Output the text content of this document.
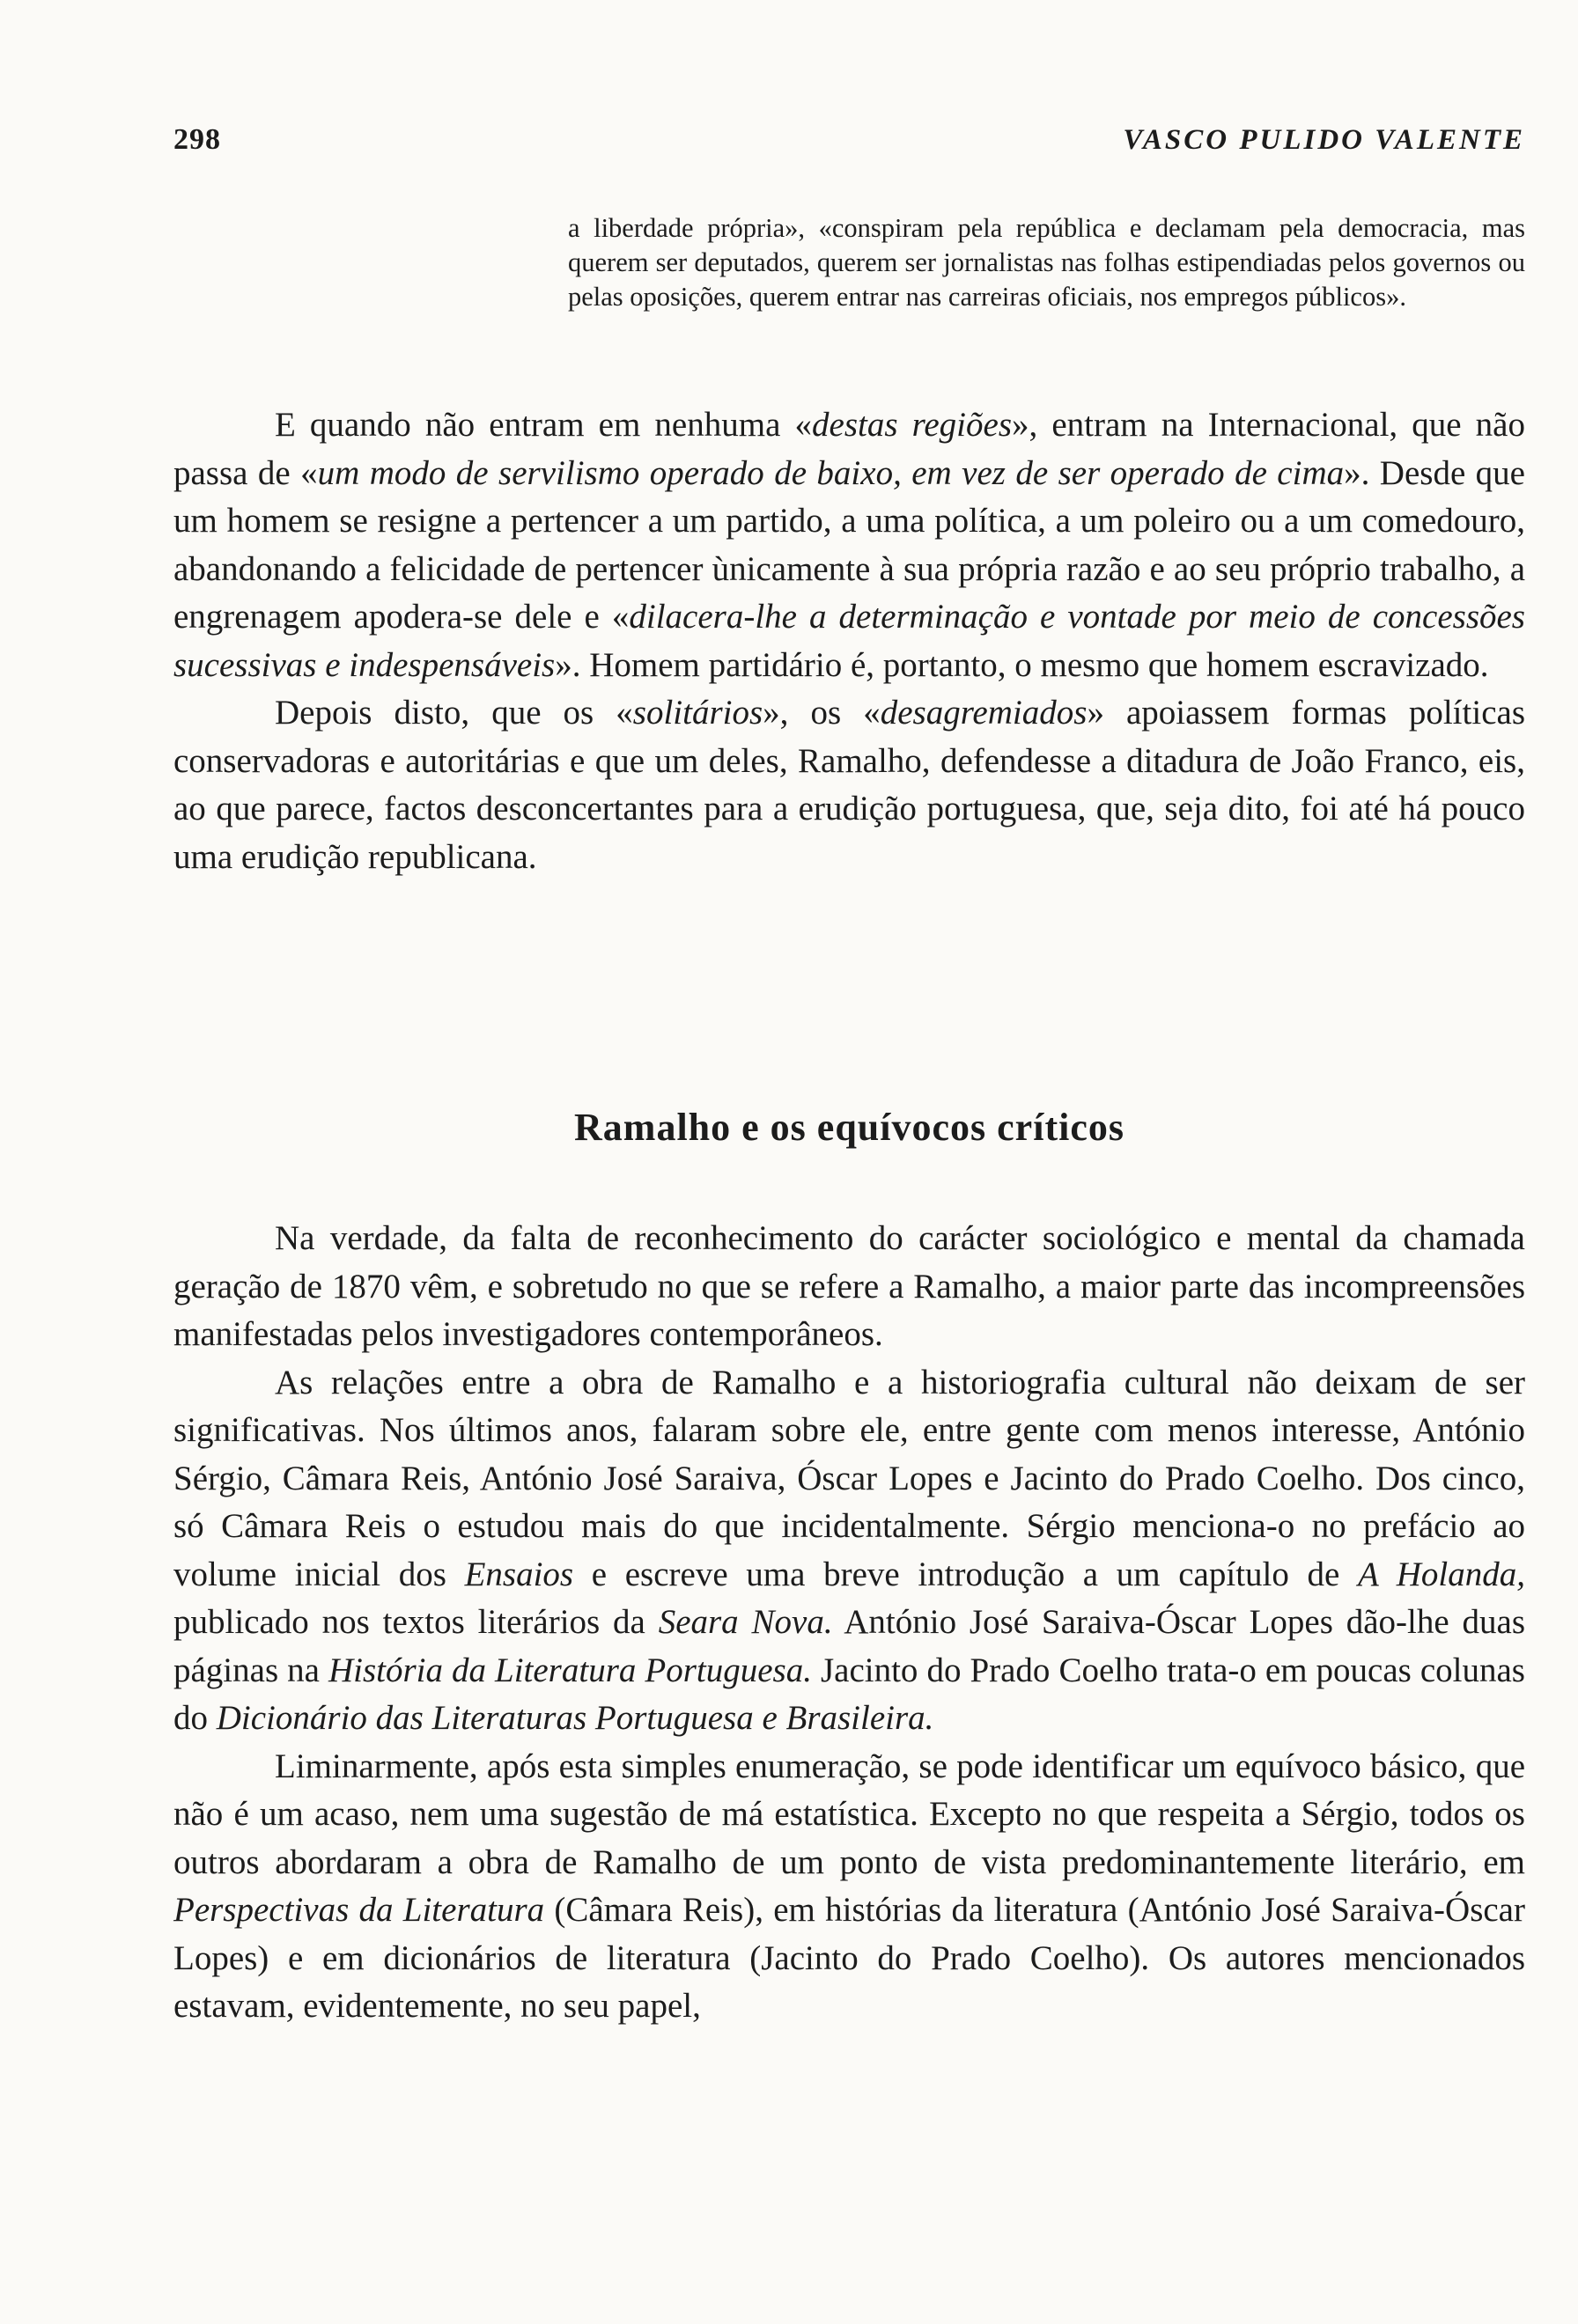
298	VASCO PULIDO VALENTE

a liberdade própria», «conspiram pela república e declamam pela democracia, mas querem ser deputados, querem ser jornalistas nas folhas estipendiadas pelos governos ou pelas oposições, querem entrar nas carreiras oficiais, nos empregos públicos».

E quando não entram em nenhuma «destas regiões», entram na Internacional, que não passa de «um modo de servilismo operado de baixo, em vez de ser operado de cima». Desde que um homem se resigne a pertencer a um partido, a uma política, a um poleiro ou a um comedouro, abandonando a felicidade de pertencer ùnicamente à sua própria razão e ao seu próprio trabalho, a engrenagem apodera-se dele e «dilacera-lhe a determinação e vontade por meio de concessões sucessivas e indespensáveis». Homem partidário é, portanto, o mesmo que homem escravizado.

Depois disto, que os «solitários», os «desagremiados» apoiassem formas políticas conservadoras e autoritárias e que um deles, Ramalho, defendesse a ditadura de João Franco, eis, ao que parece, factos desconcertantes para a erudição portuguesa, que, seja dito, foi até há pouco uma erudição republicana.

Ramalho e os equívocos críticos

Na verdade, da falta de reconhecimento do carácter sociológico e mental da chamada geração de 1870 vêm, e sobretudo no que se refere a Ramalho, a maior parte das incompreensões manifestadas pelos investigadores contemporâneos.

As relações entre a obra de Ramalho e a historiografia cultural não deixam de ser significativas. Nos últimos anos, falaram sobre ele, entre gente com menos interesse, António Sérgio, Câmara Reis, António José Saraiva, Óscar Lopes e Jacinto do Prado Coelho. Dos cinco, só Câmara Reis o estudou mais do que incidentalmente. Sérgio menciona-o no prefácio ao volume inicial dos Ensaios e escreve uma breve introdução a um capítulo de A Holanda, publicado nos textos literários da Seara Nova. António José Saraiva-Óscar Lopes dão-lhe duas páginas na História da Literatura Portuguesa. Jacinto do Prado Coelho trata-o em poucas colunas do Dicionário das Literaturas Portuguesa e Brasileira.

Liminarmente, após esta simples enumeração, se pode identificar um equívoco básico, que não é um acaso, nem uma sugestão de má estatística. Excepto no que respeita a Sérgio, todos os outros abordaram a obra de Ramalho de um ponto de vista predominantemente literário, em Perspectivas da Literatura (Câmara Reis), em histórias da literatura (António José Saraiva-Óscar Lopes) e em dicionários de literatura (Jacinto do Prado Coelho). Os autores mencionados estavam, evidentemente, no seu papel,
